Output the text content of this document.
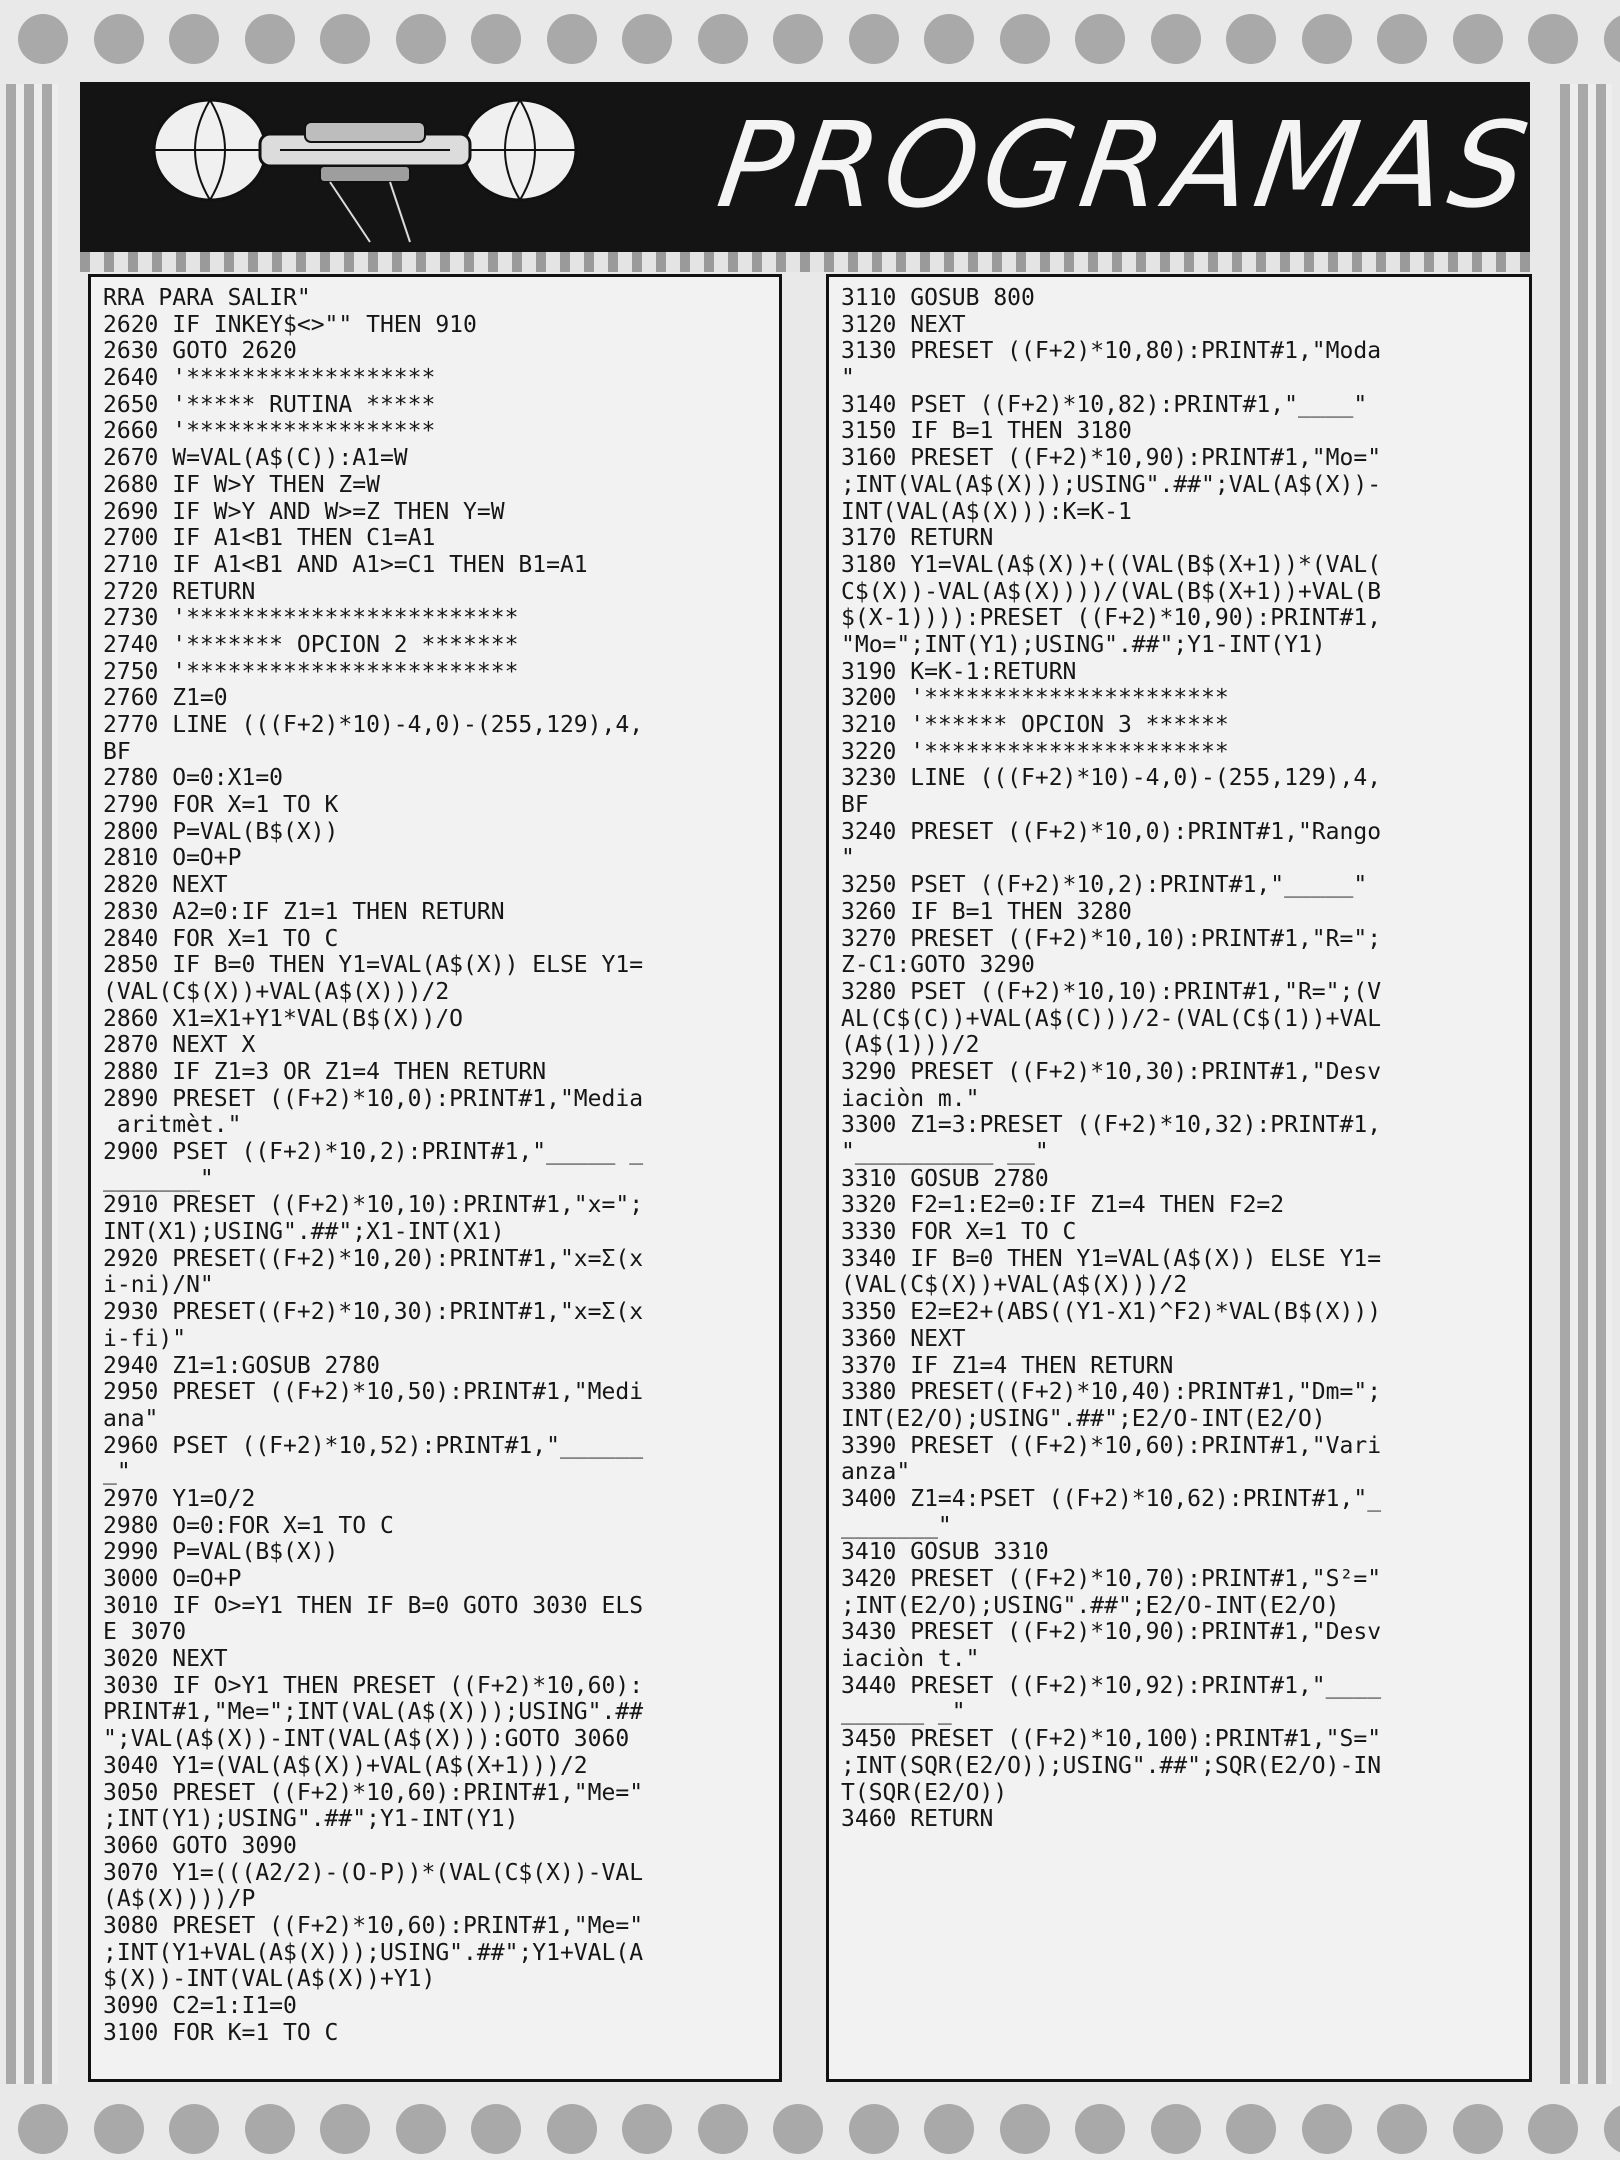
PROGRAMAS
RRA PARA SALIR"
2620 IF INKEY$<>"" THEN 910
2630 GOTO 2620
2640 '******************
2650 '***** RUTINA *****
2660 '******************
2670 W=VAL(A$(C)):A1=W
2680 IF W>Y THEN Z=W
2690 IF W>Y AND W>=Z THEN Y=W
2700 IF A1<B1 THEN C1=A1
2710 IF A1<B1 AND A1>=C1 THEN B1=A1
2720 RETURN
2730 '************************
2740 '******* OPCION 2 *******
2750 '************************
2760 Z1=0
2770 LINE (((F+2)*10)-4,0)-(255,129),4,
BF
2780 O=0:X1=0
2790 FOR X=1 TO K
2800 P=VAL(B$(X))
2810 O=O+P
2820 NEXT
2830 A2=0:IF Z1=1 THEN RETURN
2840 FOR X=1 TO C
2850 IF B=0 THEN Y1=VAL(A$(X)) ELSE Y1=
(VAL(C$(X))+VAL(A$(X)))/2
2860 X1=X1+Y1*VAL(B$(X))/O
2870 NEXT X
2880 IF Z1=3 OR Z1=4 THEN RETURN
2890 PRESET ((F+2)*10,0):PRINT#1,"Media
aritmèt."
2900 PSET ((F+2)*10,2):PRINT#1,"_____ _
_______"
2910 PRESET ((F+2)*10,10):PRINT#1,"x=";
INT(X1);USING".##";X1-INT(X1)
2920 PRESET((F+2)*10,20):PRINT#1,"x=Σ(x
i-ni)/N"
2930 PRESET((F+2)*10,30):PRINT#1,"x=Σ(x
i-fi)"
2940 Z1=1:GOSUB 2780
2950 PRESET ((F+2)*10,50):PRINT#1,"Medi
ana"
2960 PSET ((F+2)*10,52):PRINT#1,"______
_"
2970 Y1=O/2
2980 O=0:FOR X=1 TO C
2990 P=VAL(B$(X))
3000 O=O+P
3010 IF O>=Y1 THEN IF B=0 GOTO 3030 ELS
E 3070
3020 NEXT
3030 IF O>Y1 THEN PRESET ((F+2)*10,60):
PRINT#1,"Me=";INT(VAL(A$(X)));USING".##
";VAL(A$(X))-INT(VAL(A$(X))):GOTO 3060
3040 Y1=(VAL(A$(X))+VAL(A$(X+1)))/2
3050 PRESET ((F+2)*10,60):PRINT#1,"Me="
;INT(Y1);USING".##";Y1-INT(Y1)
3060 GOTO 3090
3070 Y1=(((A2/2)-(O-P))*(VAL(C$(X))-VAL
(A$(X))))/P
3080 PRESET ((F+2)*10,60):PRINT#1,"Me="
;INT(Y1+VAL(A$(X)));USING".##";Y1+VAL(A
$(X))-INT(VAL(A$(X))+Y1)
3090 C2=1:I1=0
3100 FOR K=1 TO C
3110 GOSUB 800
3120 NEXT
3130 PRESET ((F+2)*10,80):PRINT#1,"Moda
"
3140 PSET ((F+2)*10,82):PRINT#1,"____"
3150 IF B=1 THEN 3180
3160 PRESET ((F+2)*10,90):PRINT#1,"Mo="
;INT(VAL(A$(X)));USING".##";VAL(A$(X))-
INT(VAL(A$(X))):K=K-1
3170 RETURN
3180 Y1=VAL(A$(X))+((VAL(B$(X+1))*(VAL(
C$(X))-VAL(A$(X))))/(VAL(B$(X+1))+VAL(B
$(X-1)))):PRESET ((F+2)*10,90):PRINT#1,
"Mo=";INT(Y1);USING".##";Y1-INT(Y1)
3190 K=K-1:RETURN
3200 '**********************
3210 '****** OPCION 3 ******
3220 '**********************
3230 LINE (((F+2)*10)-4,0)-(255,129),4,
BF
3240 PRESET ((F+2)*10,0):PRINT#1,"Rango
"
3250 PSET ((F+2)*10,2):PRINT#1,"_____"
3260 IF B=1 THEN 3280
3270 PRESET ((F+2)*10,10):PRINT#1,"R=";
Z-C1:GOTO 3290
3280 PSET ((F+2)*10,10):PRINT#1,"R=";(V
AL(C$(C))+VAL(A$(C)))/2-(VAL(C$(1))+VAL
(A$(1)))/2
3290 PRESET ((F+2)*10,30):PRINT#1,"Desv
iaciòn m."
3300 Z1=3:PRESET ((F+2)*10,32):PRINT#1,
"__________ __"
3310 GOSUB 2780
3320 F2=1:E2=0:IF Z1=4 THEN F2=2
3330 FOR X=1 TO C
3340 IF B=0 THEN Y1=VAL(A$(X)) ELSE Y1=
(VAL(C$(X))+VAL(A$(X)))/2
3350 E2=E2+(ABS((Y1-X1)^F2)*VAL(B$(X)))
3360 NEXT
3370 IF Z1=4 THEN RETURN
3380 PRESET((F+2)*10,40):PRINT#1,"Dm=";
INT(E2/O);USING".##";E2/O-INT(E2/O)
3390 PRESET ((F+2)*10,60):PRINT#1,"Vari
anza"
3400 Z1=4:PSET ((F+2)*10,62):PRINT#1,"_
_______"
3410 GOSUB 3310
3420 PRESET ((F+2)*10,70):PRINT#1,"S²="
;INT(E2/O);USING".##";E2/O-INT(E2/O)
3430 PRESET ((F+2)*10,90):PRINT#1,"Desv
iaciòn t."
3440 PRESET ((F+2)*10,92):PRINT#1,"____
______ _"
3450 PRESET ((F+2)*10,100):PRINT#1,"S="
;INT(SQR(E2/O));USING".##";SQR(E2/O)-IN
T(SQR(E2/O))
3460 RETURN
